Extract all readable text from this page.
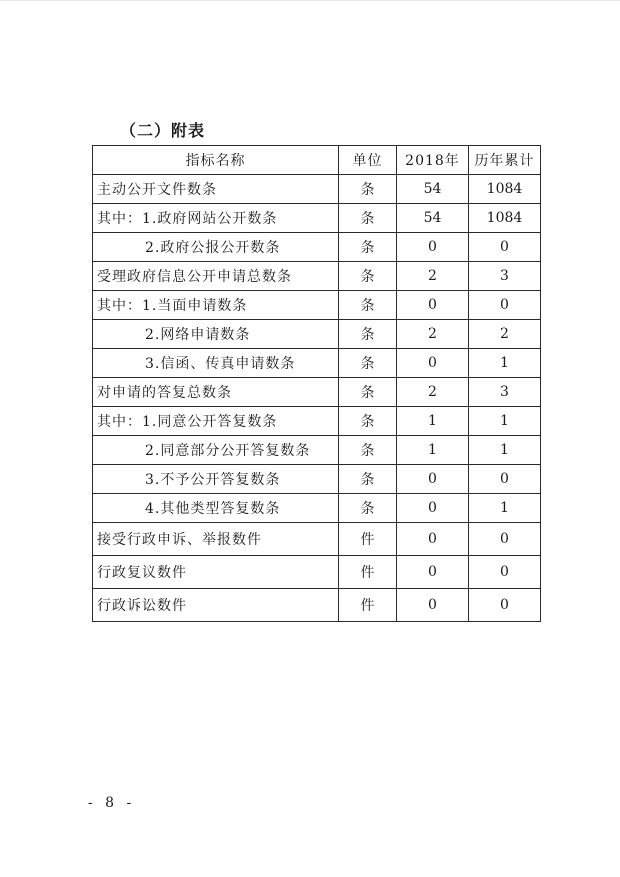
（二）附表
指标名称	单位	2018年	历年累计
主动公开文件数条	条	54	1084
其中：1.政府网站公开数条	条	54	1084
2.政府公报公开数条	条	0	0
受理政府信息公开申请总数条	条	2	3
其中：1.当面申请数条	条	0	0
2.网络申请数条	条	2	2
3.信函、传真申请数条	条	0	1
对申请的答复总数条	条	2	3
其中：1.同意公开答复数条	条	1	1
2.同意部分公开答复数条	条	1	1
3.不予公开答复数条	条	0	0
4.其他类型答复数条	条	0	1
接受行政申诉、举报数件	件	0	0
行政复议数件	件	0	0
行政诉讼数件	件	0	0
- 8 -
